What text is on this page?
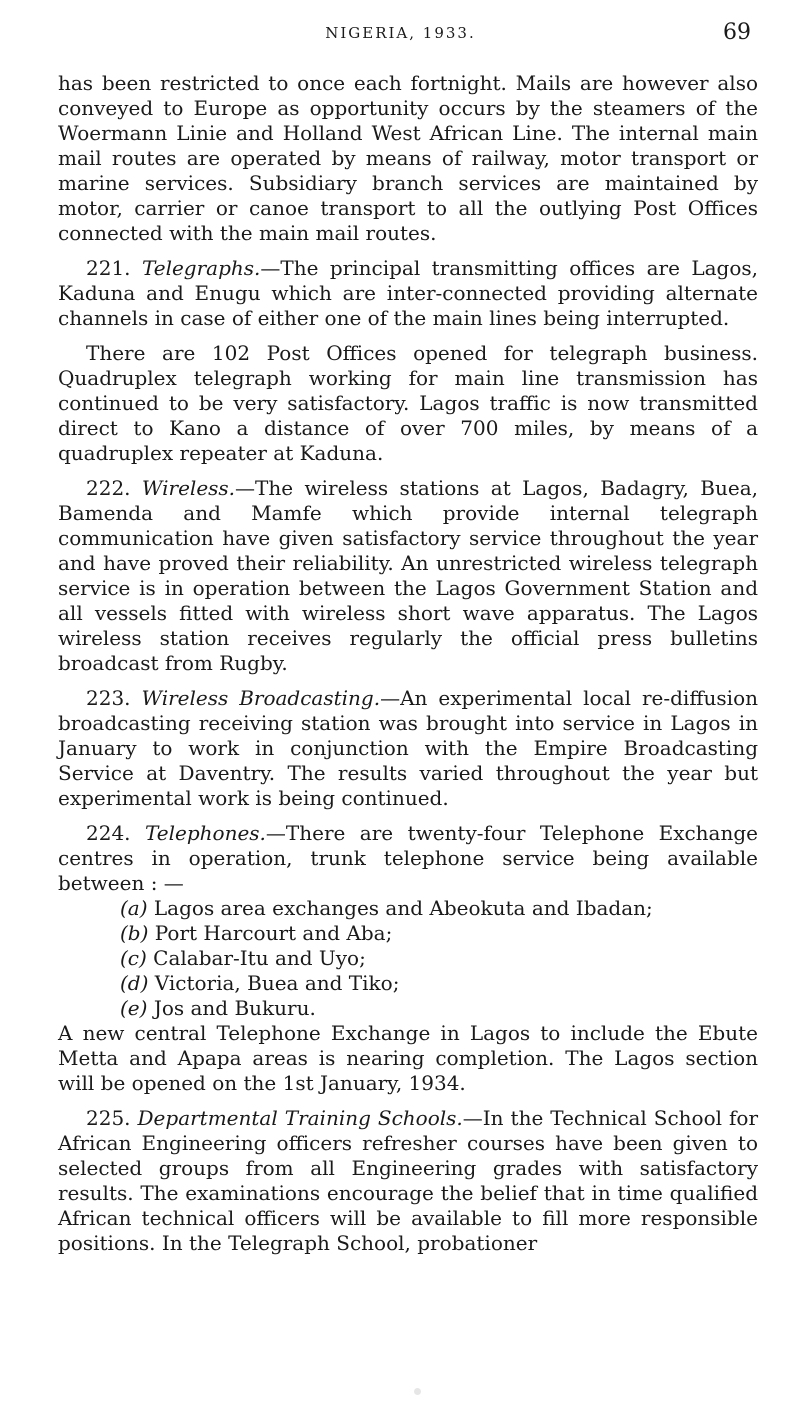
NIGERIA, 1933.	69

has been restricted to once each fortnight. Mails are however also conveyed to Europe as opportunity occurs by the steamers of the Woermann Linie and Holland West African Line. The internal main mail routes are operated by means of railway, motor transport or marine services. Subsidiary branch services are maintained by motor, carrier or canoe transport to all the outlying Post Offices connected with the main mail routes.

221. Telegraphs.—The principal transmitting offices are Lagos, Kaduna and Enugu which are inter-connected providing alternate channels in case of either one of the main lines being interrupted.

There are 102 Post Offices opened for telegraph business. Quadruplex telegraph working for main line transmission has continued to be very satisfactory. Lagos traffic is now transmitted direct to Kano a distance of over 700 miles, by means of a quadruplex repeater at Kaduna.

222. Wireless.—The wireless stations at Lagos, Badagry, Buea, Bamenda and Mamfe which provide internal telegraph communication have given satisfactory service throughout the year and have proved their reliability. An unrestricted wireless telegraph service is in operation between the Lagos Government Station and all vessels fitted with wireless short wave apparatus. The Lagos wireless station receives regularly the official press bulletins broadcast from Rugby.

223. Wireless Broadcasting.—An experimental local re-diffusion broadcasting receiving station was brought into service in Lagos in January to work in conjunction with the Empire Broadcasting Service at Daventry. The results varied throughout the year but experimental work is being continued.

224. Telephones.—There are twenty-four Telephone Exchange centres in operation, trunk telephone service being available between : —

(a) Lagos area exchanges and Abeokuta and Ibadan;
(b) Port Harcourt and Aba;
(c) Calabar-Itu and Uyo;
(d) Victoria, Buea and Tiko;
(e) Jos and Bukuru.

A new central Telephone Exchange in Lagos to include the Ebute Metta and Apapa areas is nearing completion. The Lagos section will be opened on the 1st January, 1934.

225. Departmental Training Schools.—In the Technical School for African Engineering officers refresher courses have been given to selected groups from all Engineering grades with satisfactory results. The examinations encourage the belief that in time qualified African technical officers will be available to fill more responsible positions. In the Telegraph School, probationer
